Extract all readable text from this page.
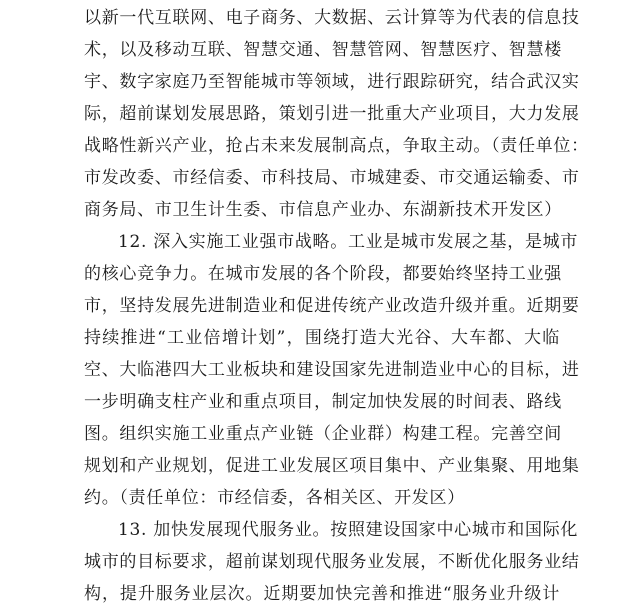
以新一代互联网、电子商务、大数据、云计算等为代表的信息技
术，以及移动互联、智慧交通、智慧管网、智慧医疗、智慧楼
宇、数字家庭乃至智能城市等领域，进行跟踪研究，结合武汉实
际，超前谋划发展思路，策划引进一批重大产业项目，大力发展
战略性新兴产业，抢占未来发展制高点，争取主动。（责任单位：
市发改委、市经信委、市科技局、市城建委、市交通运输委、市
商务局、市卫生计生委、市信息产业办、东湖新技术开发区）
12. 深入实施工业强市战略。工业是城市发展之基，是城市
的核心竞争力。在城市发展的各个阶段，都要始终坚持工业强
市，坚持发展先进制造业和促进传统产业改造升级并重。近期要
持续推进“工业倍增计划”，围绕打造大光谷、大车都、大临
空、大临港四大工业板块和建设国家先进制造业中心的目标，进
一步明确支柱产业和重点项目，制定加快发展的时间表、路线
图。组织实施工业重点产业链（企业群）构建工程。完善空间
规划和产业规划，促进工业发展区项目集中、产业集聚、用地集
约。（责任单位：市经信委，各相关区、开发区）
13. 加快发展现代服务业。按照建设国家中心城市和国际化
城市的目标要求，超前谋划现代服务业发展，不断优化服务业结
构，提升服务业层次。近期要加快完善和推进“服务业升级计
